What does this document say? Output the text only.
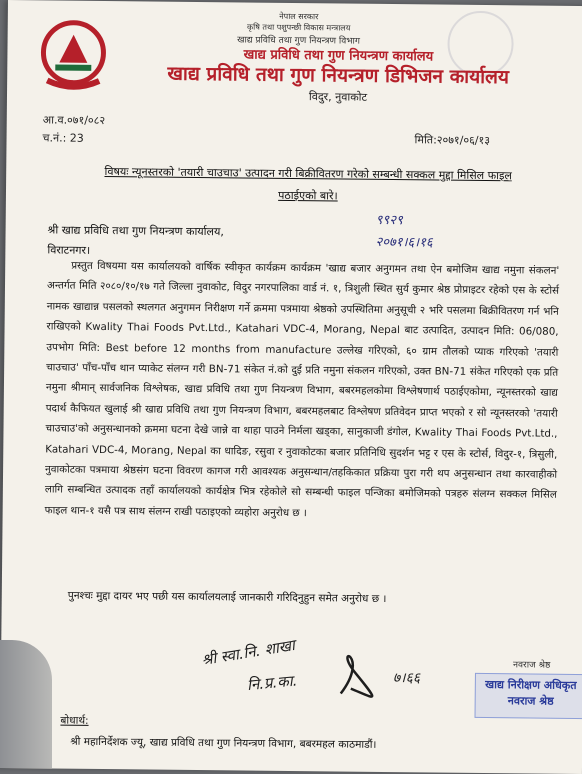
नेपाल सरकार
कृषि तथा पशुपन्छी विकास मन्त्रालय
खाद्य प्रविधि तथा गुण नियन्त्रण विभाग
खाद्य प्रविधि तथा गुण नियन्त्रण कार्यालय
खाद्य प्रविधि तथा गुण नियन्त्रण डिभिजन कार्यालय
विदुर, नुवाकोट
आ.व.०७१/०८२
च.नं.: 23	मिति:२०७१/०६/१३
विषयः न्यूनस्तरको 'तयारी चाउचाउ' उत्पादन गरी बिक्रीवितरण गरेको सम्बन्धी सक्कल मुद्दा मिसिल फाइल
पठाईएको बारे।
९९२९
२०७१।६।१६
श्री खाद्य प्रविधि तथा गुण नियन्त्रण कार्यालय,
विराटनगर।
प्रस्तुत विषयमा यस कार्यालयको वार्षिक स्वीकृत कार्यक्रम कार्यक्रम 'खाद्य बजार अनुगमन तथा ऐन बमोजिम खाद्य नमुना संकलन' अन्तर्गत मिति २०८०/१०/१७ गते जिल्ला नुवाकोट, विदुर नगरपालिका वार्ड नं. १, त्रिशुली स्थित सुर्य कुमार श्रेष्ठ प्रोप्राइटर रहेको एस के स्टोर्स नामक खाद्यान्न पसलको स्थलगत अनुगमन निरीक्षण गर्ने क्रममा पत्रमाया श्रेष्ठको उपस्थितिमा अनुसूची २ भरि पसलमा बिक्रीवितरण गर्न भनि राखिएको Kwality Thai Foods Pvt.Ltd., Katahari VDC-4, Morang, Nepal बाट उत्पादित, उत्पादन मिति: 06/080, उपभोग मिति: Best before 12 months from manufacture उल्लेख गरिएको, ६० ग्राम तौलको प्याक गरिएको 'तयारी चाउचाउ' पाँच-पाँच थान प्याकेट संलग्न गरी BN-71 संकेत नं.को दुई प्रति नमुना संकलन गरिएको, उक्त BN-71 संकेत गरिएको एक प्रति नमुना श्रीमान् सार्वजनिक विश्लेषक, खाद्य प्रविधि तथा गुण नियन्त्रण विभाग, बबरमहलकोमा विश्लेषणार्थ पठाईएकोमा, न्यूनस्तरको खाद्य पदार्थ कैफियत खुलाई श्री खाद्य प्रविधि तथा गुण नियन्त्रण विभाग, बबरमहलबाट विश्लेषण प्रतिवेदन प्राप्त भएको र सो न्यूनस्तरको 'तयारी चाउचाउ'को अनुसन्धानको क्रममा घटना देखे जान्ने वा थाहा पाउने निर्मला खड्का, सानुकाजी डंगोल, Kwality Thai Foods Pvt.Ltd., Katahari VDC-4, Morang, Nepal का धादिङ, रसुवा र नुवाकोटका बजार प्रतिनिधि सुदर्शन भट्ट र एस के स्टोर्स, विदुर-१, त्रिसुली, नुवाकोटका पत्रमाया श्रेष्ठसंग घटना विवरण कागज गरी आवश्यक अनुसन्धान/तहकिकात प्रक्रिया पुरा गरी थप अनुसन्धान तथा कारवाहीको लागि सम्बन्धित उत्पादक तहाँ कार्यालयको कार्यक्षेत्र भित्र रहेकोले सो सम्बन्धी फाइल पन्जिका बमोजिमको पत्रहरु संलग्न सक्कल मिसिल फाइल थान-१ यसै पत्र साथ संलग्न राखी पठाइएको व्यहोरा अनुरोध छ ।
पुनश्चः मुद्दा दायर भए पछी यस कार्यालयलाई जानकारी गरिदिनुहुन समेत अनुरोध छ ।
श्री स्वा.नि. शाखा
नि.प्र.का.	७।६६
नवराज श्रेष्ठ
खाद्य निरीक्षण अधिकृत
नवराज श्रेष्ठ
बोधार्थ:
श्री महानिर्देशक ज्यू, खाद्य प्रविधि तथा गुण नियन्त्रण विभाग, बबरमहल काठमाडौं।
